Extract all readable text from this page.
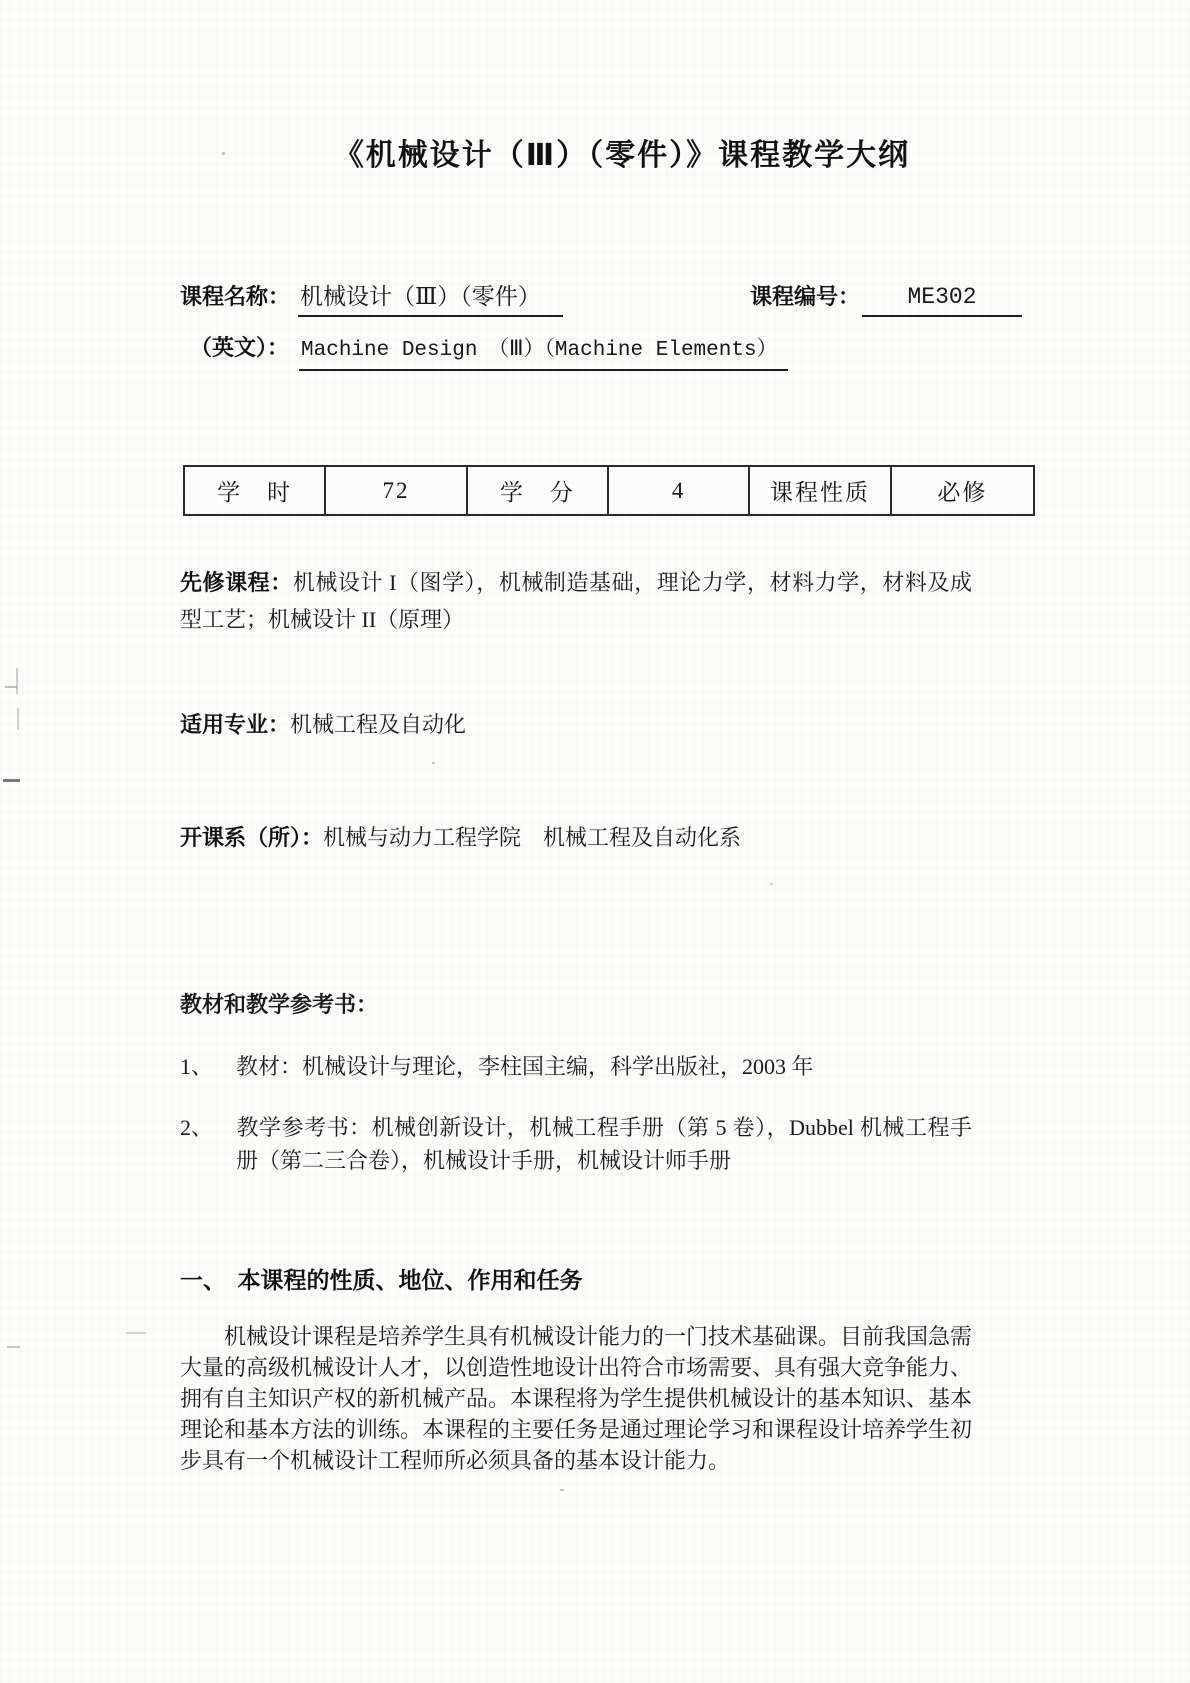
《机械设计（Ⅲ）（零件）》课程教学大纲
课程名称： 机械设计（Ⅲ）（零件）	课程编号：	ME302
（英文）： Machine Design　（Ⅲ）（Machine Elements）
学　时	72	学　分	4	课程性质	必修
先修课程：机械设计 I（图学），机械制造基础，理论力学，材料力学，材料及成型工艺；机械设计 II（原理）
适用专业：机械工程及自动化
开课系（所）：机械与动力工程学院　机械工程及自动化系
教材和教学参考书：
1、 教材：机械设计与理论，李柱国主编，科学出版社，2003 年
2、 教学参考书：机械创新设计，机械工程手册（第 5 卷），Dubbel 机械工程手册（第二三合卷），机械设计手册，机械设计师手册
一、　本课程的性质、地位、作用和任务
机械设计课程是培养学生具有机械设计能力的一门技术基础课。目前我国急需大量的高级机械设计人才，以创造性地设计出符合市场需要、具有强大竞争能力、拥有自主知识产权的新机械产品。本课程将为学生提供机械设计的基本知识、基本理论和基本方法的训练。本课程的主要任务是通过理论学习和课程设计培养学生初步具有一个机械设计工程师所必须具备的基本设计能力。
